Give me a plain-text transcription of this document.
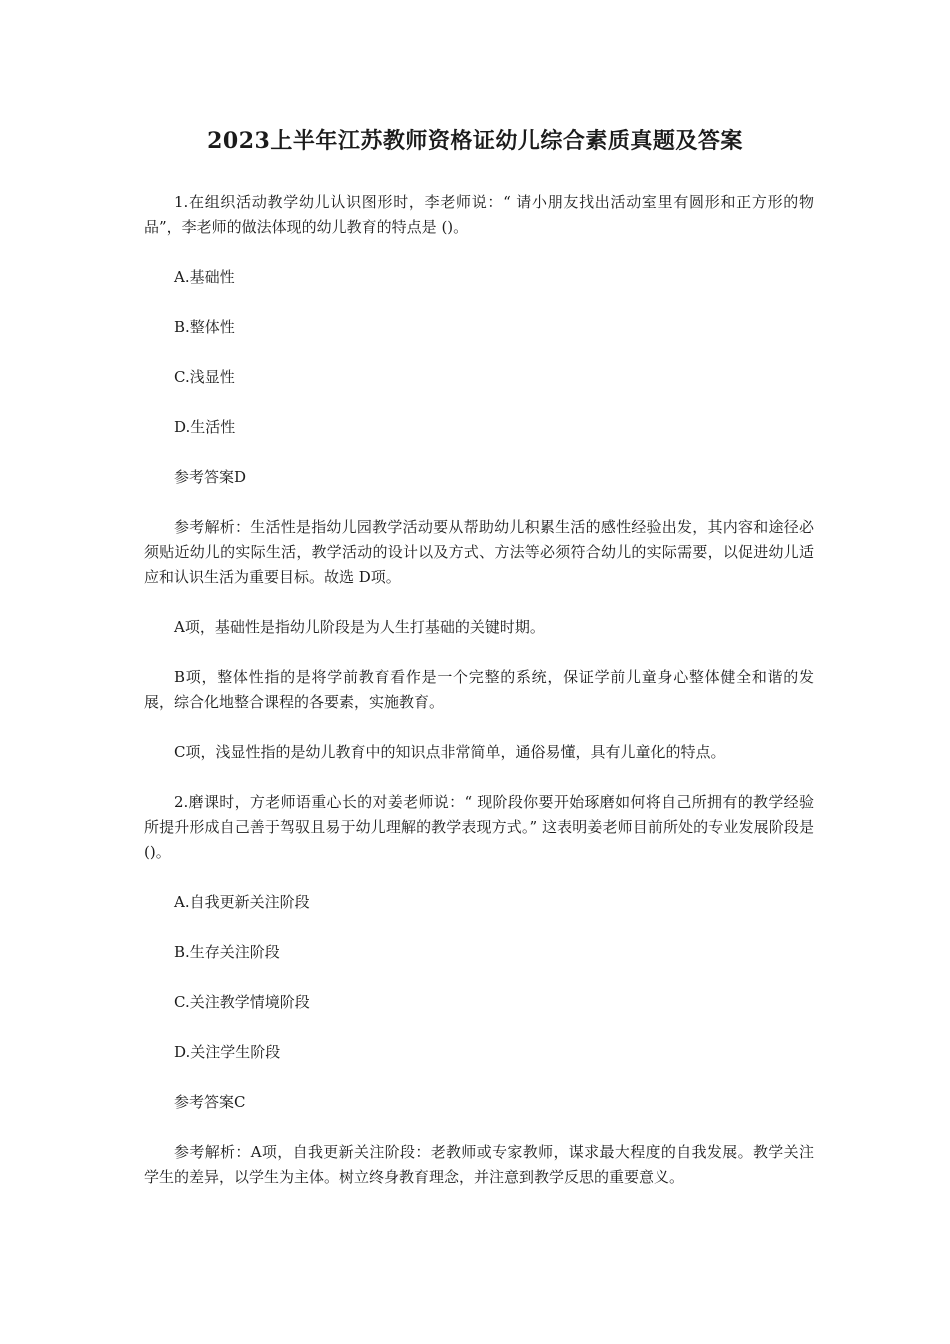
2023上半年江苏教师资格证幼儿综合素质真题及答案

1.在组织活动教学幼儿认识图形时，李老师说：“ 请小朋友找出活动室里有圆形和正方形的物品”，李老师的做法体现的幼儿教育的特点是 ()。

A.基础性

B.整体性

C.浅显性

D.生活性

参考答案D

参考解析：生活性是指幼儿园教学活动要从帮助幼儿积累生活的感性经验出发，其内容和途径必须贴近幼儿的实际生活，教学活动的设计以及方式、方法等必须符合幼儿的实际需要，以促进幼儿适应和认识生活为重要目标。故选 D项。

A项，基础性是指幼儿阶段是为人生打基础的关键时期。

B项，整体性指的是将学前教育看作是一个完整的系统，保证学前儿童身心整体健全和谐的发展，综合化地整合课程的各要素，实施教育。

C项，浅显性指的是幼儿教育中的知识点非常简单，通俗易懂，具有儿童化的特点。

2.磨课时，方老师语重心长的对姜老师说：“ 现阶段你要开始琢磨如何将自己所拥有的教学经验所提升形成自己善于驾驭且易于幼儿理解的教学表现方式。” 这表明姜老师目前所处的专业发展阶段是()。

A.自我更新关注阶段

B.生存关注阶段

C.关注教学情境阶段

D.关注学生阶段

参考答案C

参考解析：A项，自我更新关注阶段：老教师或专家教师，谋求最大程度的自我发展。教学关注学生的差异，以学生为主体。树立终身教育理念，并注意到教学反思的重要意义。
